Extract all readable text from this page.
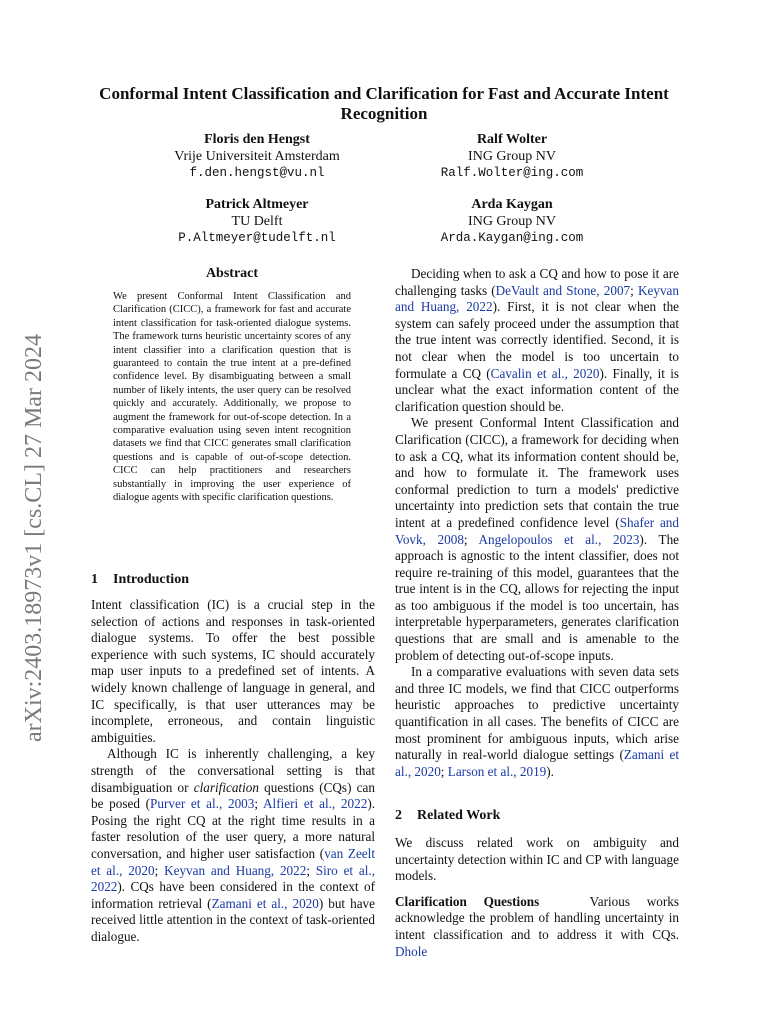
arXiv:2403.18973v1 [cs.CL] 27 Mar 2024
Conformal Intent Classification and Clarification for Fast and Accurate Intent Recognition
Floris den Hengst
Vrije Universiteit Amsterdam
f.den.hengst@vu.nl
Ralf Wolter
ING Group NV
Ralf.Wolter@ing.com
Patrick Altmeyer
TU Delft
P.Altmeyer@tudelft.nl
Arda Kaygan
ING Group NV
Arda.Kaygan@ing.com
Abstract
We present Conformal Intent Classification and Clarification (CICC), a framework for fast and accurate intent classification for task-oriented dialogue systems. The framework turns heuristic uncertainty scores of any intent classifier into a clarification question that is guaranteed to contain the true intent at a pre-defined confidence level. By disambiguating between a small number of likely intents, the user query can be resolved quickly and accurately. Additionally, we propose to augment the framework for out-of-scope detection. In a comparative evaluation using seven intent recognition datasets we find that CICC generates small clarification questions and is capable of out-of-scope detection. CICC can help practitioners and researchers substantially in improving the user experience of dialogue agents with specific clarification questions.
1 Introduction

Intent classification (IC) is a crucial step in the selection of actions and responses in task-oriented dialogue systems. To offer the best possible experience with such systems, IC should accurately map user inputs to a predefined set of intents. A widely known challenge of language in general, and IC specifically, is that user utterances may be incomplete, erroneous, and contain linguistic ambiguities.

Although IC is inherently challenging, a key strength of the conversational setting is that disambiguation or clarification questions (CQs) can be posed (Purver et al., 2003; Alfieri et al., 2022). Posing the right CQ at the right time results in a faster resolution of the user query, a more natural conversation, and higher user satisfaction (van Zeelt et al., 2020; Keyvan and Huang, 2022; Siro et al., 2022). CQs have been considered in the context of information retrieval (Zamani et al., 2020) but have received little attention in the context of task-oriented dialogue.

Deciding when to ask a CQ and how to pose it are challenging tasks (DeVault and Stone, 2007; Keyvan and Huang, 2022). First, it is not clear when the system can safely proceed under the assumption that the true intent was correctly identified. Second, it is not clear when the model is too uncertain to formulate a CQ (Cavalin et al., 2020). Finally, it is unclear what the exact information content of the clarification question should be.

We present Conformal Intent Classification and Clarification (CICC), a framework for deciding when to ask a CQ, what its information content should be, and how to formulate it. The framework uses conformal prediction to turn a models' predictive uncertainty into prediction sets that contain the true intent at a predefined confidence level (Shafer and Vovk, 2008; Angelopoulos et al., 2023). The approach is agnostic to the intent classifier, does not require re-training of this model, guarantees that the true intent is in the CQ, allows for rejecting the input as too ambiguous if the model is too uncertain, has interpretable hyperparameters, generates clarification questions that are small and is amenable to the problem of detecting out-of-scope inputs.

In a comparative evaluations with seven data sets and three IC models, we find that CICC outperforms heuristic approaches to predictive uncertainty quantification in all cases. The benefits of CICC are most prominent for ambiguous inputs, which arise naturally in real-world dialogue settings (Zamani et al., 2020; Larson et al., 2019).

2 Related Work

We discuss related work on ambiguity and uncertainty detection within IC and CP with language models.

Clarification Questions	Various works acknowledge the problem of handling uncertainty in intent classification and to address it with CQs. Dhole
